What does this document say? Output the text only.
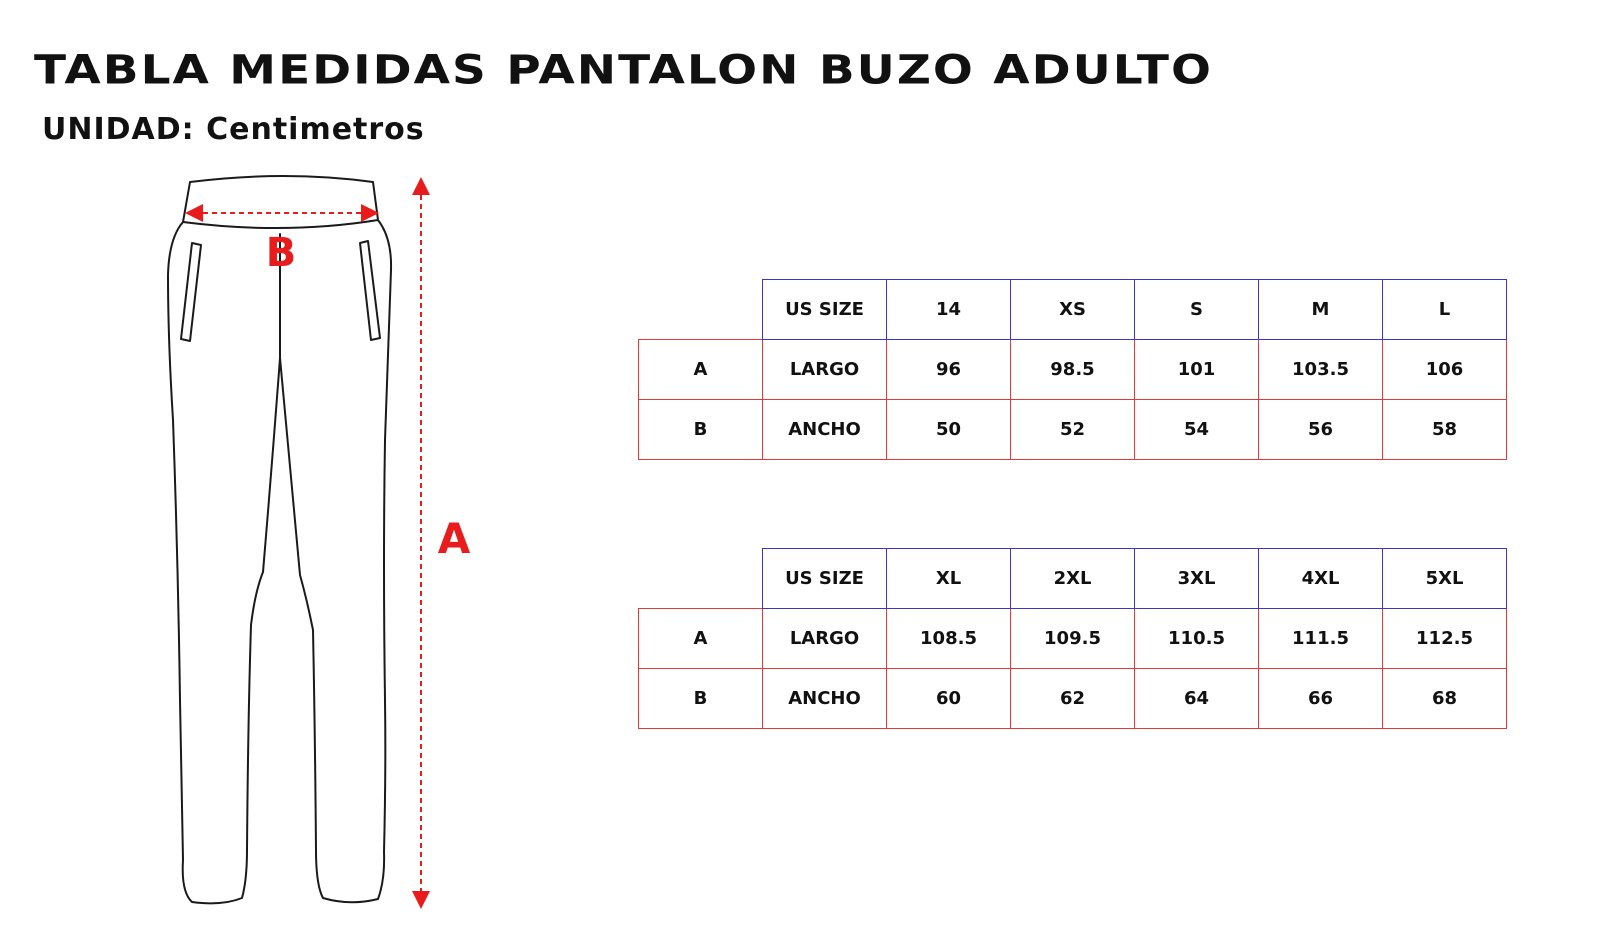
TABLA MEDIDAS PANTALON BUZO ADULTO
UNIDAD: Centimetros
B
A
	US SIZE	14	XS	S	M	L
A	LARGO	96	98.5	101	103.5	106
B	ANCHO	50	52	54	56	58
	US SIZE	XL	2XL	3XL	4XL	5XL
A	LARGO	108.5	109.5	110.5	111.5	112.5
B	ANCHO	60	62	64	66	68
